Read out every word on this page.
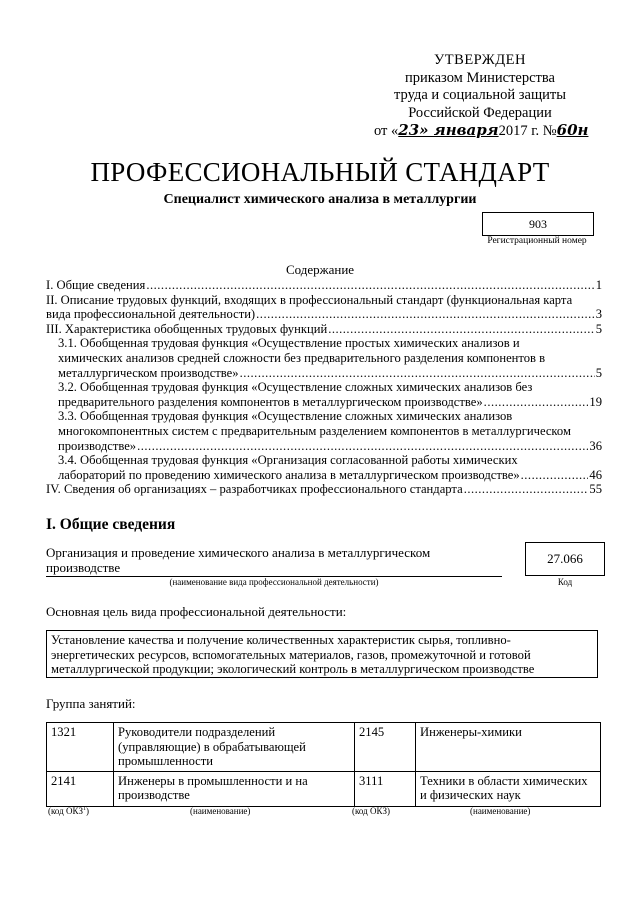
УТВЕРЖДЕН
приказом Министерства
труда и социальной защиты
Российской Федерации
от «23» января2017 г. №60н
ПРОФЕССИОНАЛЬНЫЙ СТАНДАРТ
Специалист химического анализа в металлургии
903
Регистрационный номер
Содержание
I. Общие сведения .....	1
II. Описание трудовых функций, входящих в профессиональный стандарт (функциональная карта
вида профессиональной деятельности) .....	3
III. Характеристика обобщенных трудовых функций .....	5
3.1. Обобщенная трудовая функция «Осуществление простых химических анализов и
химических анализов средней сложности без предварительного разделения компонентов в
металлургическом производстве» .....	5
3.2. Обобщенная трудовая функция «Осуществление сложных химических анализов без
предварительного разделения компонентов в металлургическом производстве» .....	19
3.3. Обобщенная трудовая функция «Осуществление сложных химических анализов
многокомпонентных систем с предварительным разделением компонентов в металлургическом
производстве» .....	36
3.4. Обобщенная трудовая функция «Организация согласованной работы химических
лабораторий по проведению химического анализа в металлургическом производстве» .....	46
IV. Сведения об организациях – разработчиках профессионального стандарта .....	55
I. Общие сведения
Организация и проведение химического анализа в металлургическом
производстве
(наименование вида профессиональной деятельности)
27.066
Код
Основная цель вида профессиональной деятельности:
Установление качества и получение количественных характеристик сырья, топливно-
энергетических ресурсов, вспомогательных материалов, газов, промежуточной и готовой
металлургической продукции; экологический контроль в металлургическом производстве
Группа занятий:
1321	Руководители подразделений (управляющие) в обрабатывающей промышленности	2145	Инженеры-химики
2141	Инженеры в промышленности и на производстве	3111	Техники в области химических и физических наук
(код ОКЗ$^1$)	(наименование)	(код ОКЗ)	(наименование)
